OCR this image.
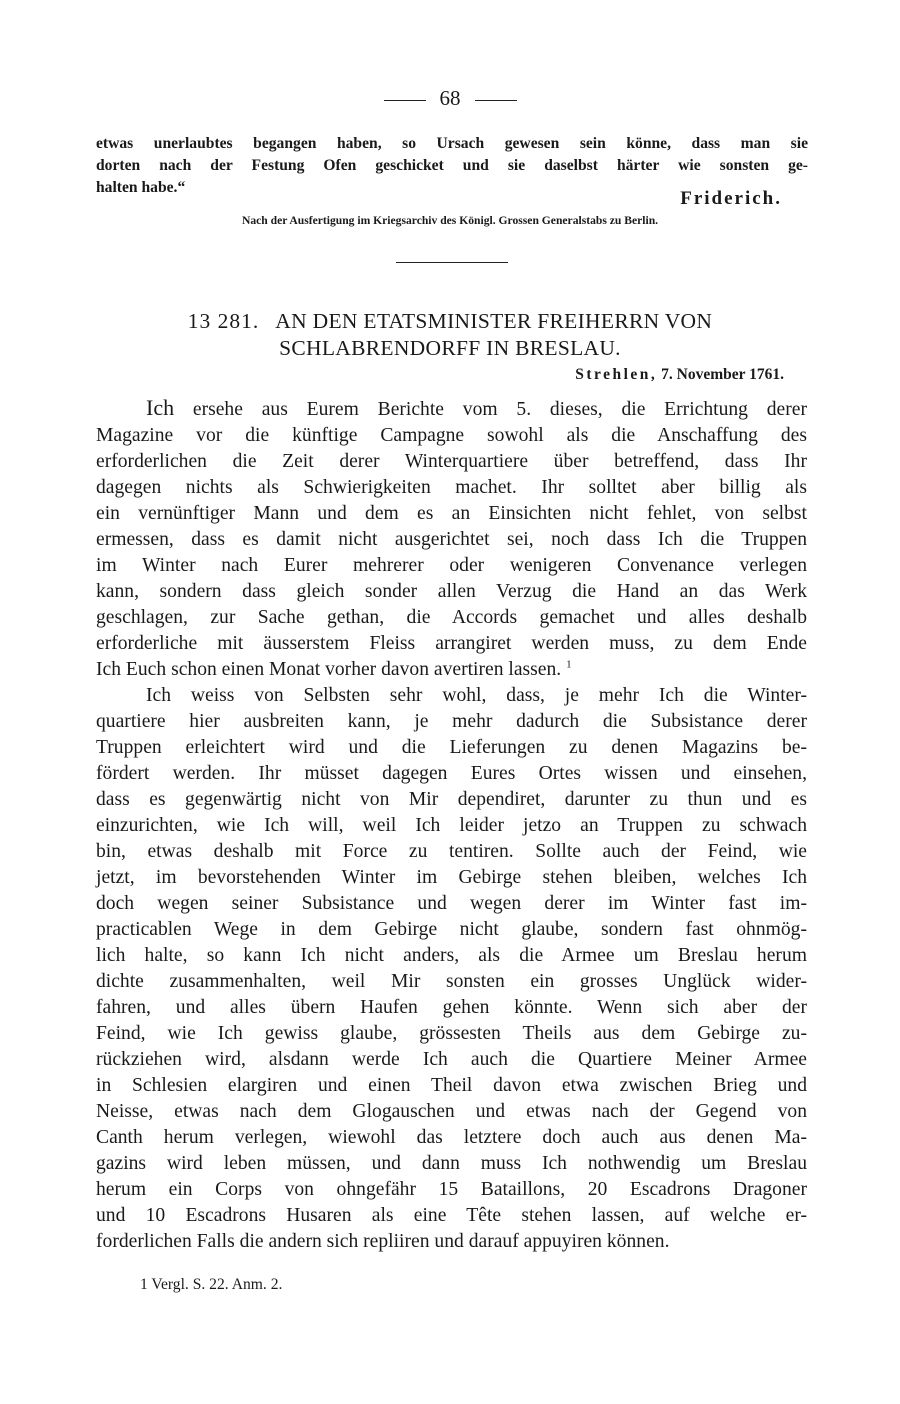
68
etwas unerlaubtes begangen haben, so Ursach gewesen sein könne, dass man sie
dorten nach der Festung Ofen geschicket und sie daselbst härter wie sonsten ge-
halten habe.“
Friderich.
Nach der Ausfertigung im Kriegsarchiv des Königl. Grossen Generalstabs zu Berlin.
13 281. AN DEN ETATSMINISTER FREIHERRN VON
SCHLABRENDORFF IN BRESLAU.
Strehlen, 7. November 1761.
Ich ersehe aus Eurem Berichte vom 5. dieses, die Errichtung derer
Magazine vor die künftige Campagne sowohl als die Anschaffung des
erforderlichen die Zeit derer Winterquartiere über betreffend, dass Ihr
dagegen nichts als Schwierigkeiten machet. Ihr solltet aber billig als
ein vernünftiger Mann und dem es an Einsichten nicht fehlet, von selbst
ermessen, dass es damit nicht ausgerichtet sei, noch dass Ich die Truppen
im Winter nach Eurer mehrerer oder wenigeren Convenance verlegen
kann, sondern dass gleich sonder allen Verzug die Hand an das Werk
geschlagen, zur Sache gethan, die Accords gemachet und alles deshalb
erforderliche mit äusserstem Fleiss arrangiret werden muss, zu dem Ende
Ich Euch schon einen Monat vorher davon avertiren lassen. $^1$
Ich weiss von Selbsten sehr wohl, dass, je mehr Ich die Winter-
quartiere hier ausbreiten kann, je mehr dadurch die Subsistance derer
Truppen erleichtert wird und die Lieferungen zu denen Magazins be-
fördert werden. Ihr müsset dagegen Eures Ortes wissen und einsehen,
dass es gegenwärtig nicht von Mir dependiret, darunter zu thun und es
einzurichten, wie Ich will, weil Ich leider jetzo an Truppen zu schwach
bin, etwas deshalb mit Force zu tentiren. Sollte auch der Feind, wie
jetzt, im bevorstehenden Winter im Gebirge stehen bleiben, welches Ich
doch wegen seiner Subsistance und wegen derer im Winter fast im-
practicablen Wege in dem Gebirge nicht glaube, sondern fast ohnmög-
lich halte, so kann Ich nicht anders, als die Armee um Breslau herum
dichte zusammenhalten, weil Mir sonsten ein grosses Unglück wider-
fahren, und alles übern Haufen gehen könnte. Wenn sich aber der
Feind, wie Ich gewiss glaube, grössesten Theils aus dem Gebirge zu-
rückziehen wird, alsdann werde Ich auch die Quartiere Meiner Armee
in Schlesien elargiren und einen Theil davon etwa zwischen Brieg und
Neisse, etwas nach dem Glogauschen und etwas nach der Gegend von
Canth herum verlegen, wiewohl das letztere doch auch aus denen Ma-
gazins wird leben müssen, und dann muss Ich nothwendig um Breslau
herum ein Corps von ohngefähr 15 Bataillons, 20 Escadrons Dragoner
und 10 Escadrons Husaren als eine Tête stehen lassen, auf welche er-
forderlichen Falls die andern sich repliiren und darauf appuyiren können.
1 Vergl. S. 22. Anm. 2.
